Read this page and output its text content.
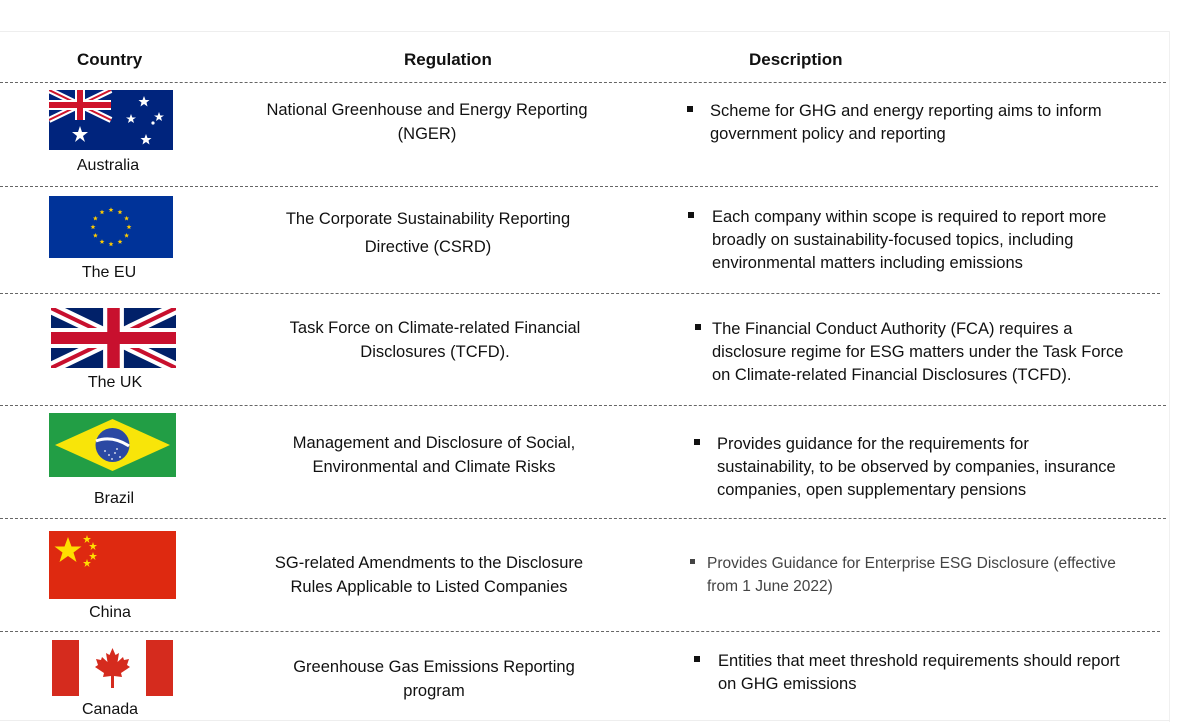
Country	Regulation	Description
Australia
National Greenhouse and Energy Reporting
(NGER)
Scheme for GHG and energy reporting aims to inform
government policy and reporting
The EU
The Corporate Sustainability Reporting
Directive (CSRD)
Each company within scope is required to report more
broadly on sustainability-focused topics, including
environmental matters including emissions
The UK
Task Force on Climate-related Financial
Disclosures (TCFD).
The Financial Conduct Authority (FCA) requires a
disclosure regime for ESG matters under the Task Force
on Climate-related Financial Disclosures (TCFD).
Brazil
Management and Disclosure of Social,
Environmental and Climate Risks
Provides guidance for the requirements for
sustainability, to be observed by companies, insurance
companies, open supplementary pensions
China
SG-related Amendments to the Disclosure
Rules Applicable to Listed Companies
Provides Guidance for Enterprise ESG Disclosure (effective
from 1 June 2022)
Canada
Greenhouse Gas Emissions Reporting
program
Entities that meet threshold requirements should report
on GHG emissions
